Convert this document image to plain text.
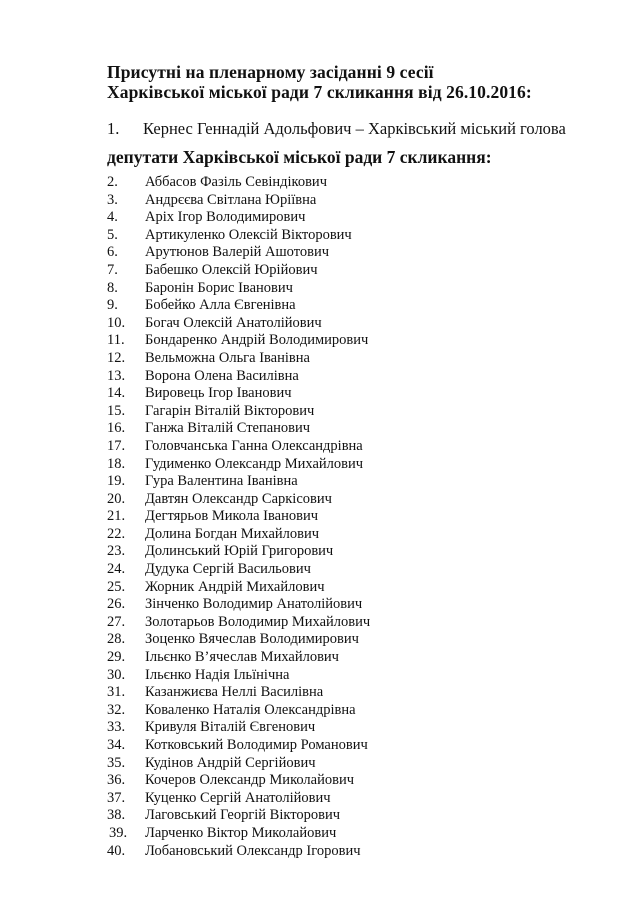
Присутні на пленарному засіданні 9 сесії
Харківської міської ради 7 скликання від 26.10.2016:
1. Кернес Геннадій Адольфович – Харківський міський голова
депутати Харківської міської ради 7 скликання:
2. Аббасов Фазіль Севіндікович
3. Андрєєва Світлана Юріївна
4. Аріх Ігор Володимирович
5. Артикуленко Олексій Вікторович
6. Арутюнов Валерій Ашотович
7. Бабешко Олексій Юрійович
8. Баронін Борис Іванович
9. Бобейко Алла Євгенівна
10. Богач Олексій Анатолійович
11. Бондаренко Андрій Володимирович
12. Вельможна Ольга Іванівна
13. Ворона Олена Василівна
14. Вировець Ігор Іванович
15. Гагарін Віталій Вікторович
16. Ганжа Віталій Степанович
17. Головчанська Ганна Олександрівна
18. Гудименко Олександр Михайлович
19. Гура Валентина Іванівна
20. Давтян Олександр Саркісович
21. Дегтярьов Микола Іванович
22. Долина Богдан Михайлович
23. Долинський Юрій Григорович
24. Дудука Сергій Васильович
25. Жорник Андрій Михайлович
26. Зінченко Володимир Анатолійович
27. Золотарьов Володимир Михайлович
28. Зоценко Вячеслав Володимирович
29. Ільєнко В’ячеслав Михайлович
30. Ільєнко Надія Ільїнічна
31. Казанжиєва Неллі Василівна
32. Коваленко Наталія Олександрівна
33. Кривуля Віталій Євгенович
34. Котковський Володимир Романович
35. Кудінов Андрій Сергійович
36. Кочеров Олександр Миколайович
37. Куценко Сергій Анатолійович
38. Лаговський Георгій Вікторович
39. Ларченко Віктор Миколайович
40. Лобановський Олександр Ігорович
